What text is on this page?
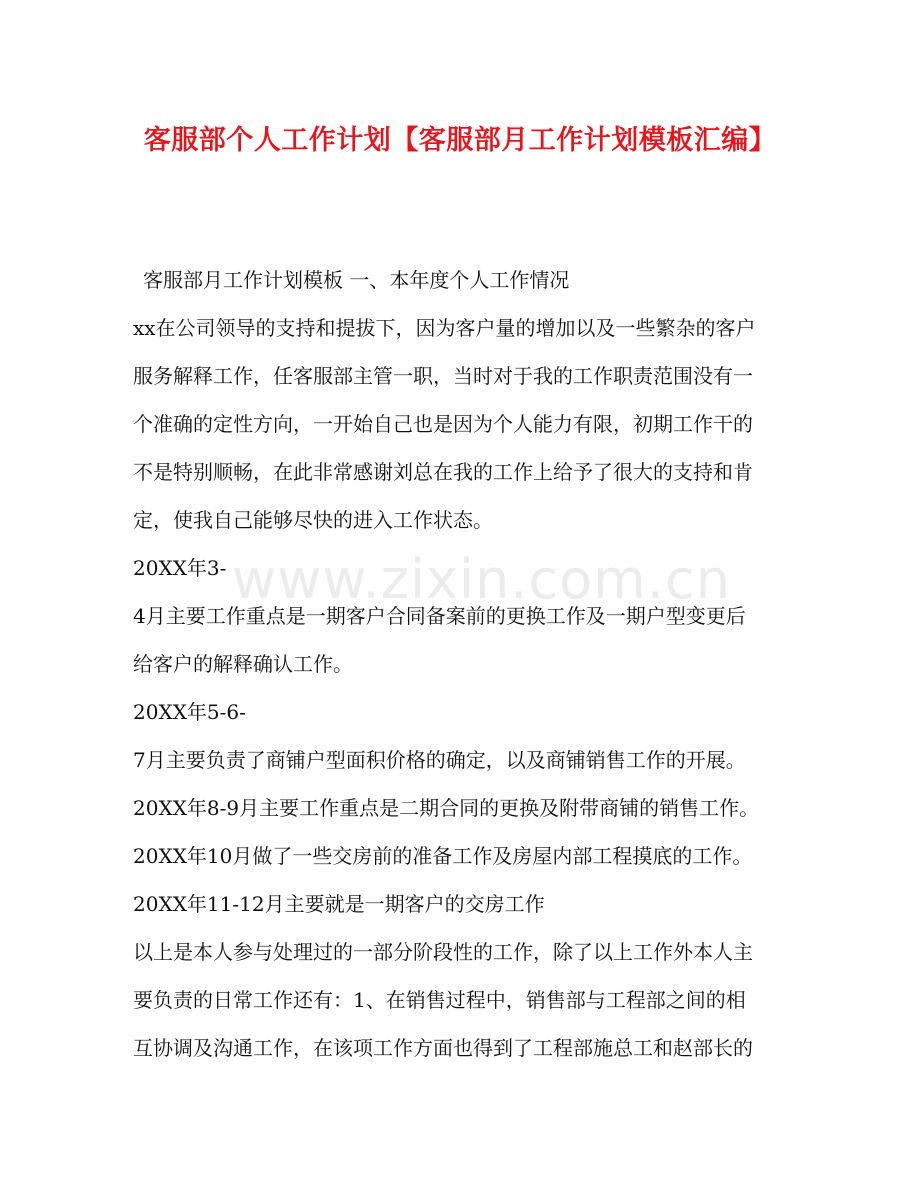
客服部个人工作计划【客服部月工作计划模板汇编】
www.zixin.com.cn
客服部月工作计划模板 一、本年度个人工作情况
xx在公司领导的支持和提拔下，因为客户量的增加以及一些繁杂的客户
服务解释工作，任客服部主管一职，当时对于我的工作职责范围没有一
个准确的定性方向，一开始自己也是因为个人能力有限，初期工作干的
不是特别顺畅，在此非常感谢刘总在我的工作上给予了很大的支持和肯
定，使我自己能够尽快的进入工作状态。
20XX年3-
4月主要工作重点是一期客户合同备案前的更换工作及一期户型变更后
给客户的解释确认工作。
20XX年5-6-
7月主要负责了商铺户型面积价格的确定，以及商铺销售工作的开展。
20XX年8-9月主要工作重点是二期合同的更换及附带商铺的销售工作。
20XX年10月做了一些交房前的准备工作及房屋内部工程摸底的工作。
20XX年11-12月主要就是一期客户的交房工作
以上是本人参与处理过的一部分阶段性的工作，除了以上工作外本人主
要负责的日常工作还有：1、在销售过程中，销售部与工程部之间的相
互协调及沟通工作，在该项工作方面也得到了工程部施总工和赵部长的
